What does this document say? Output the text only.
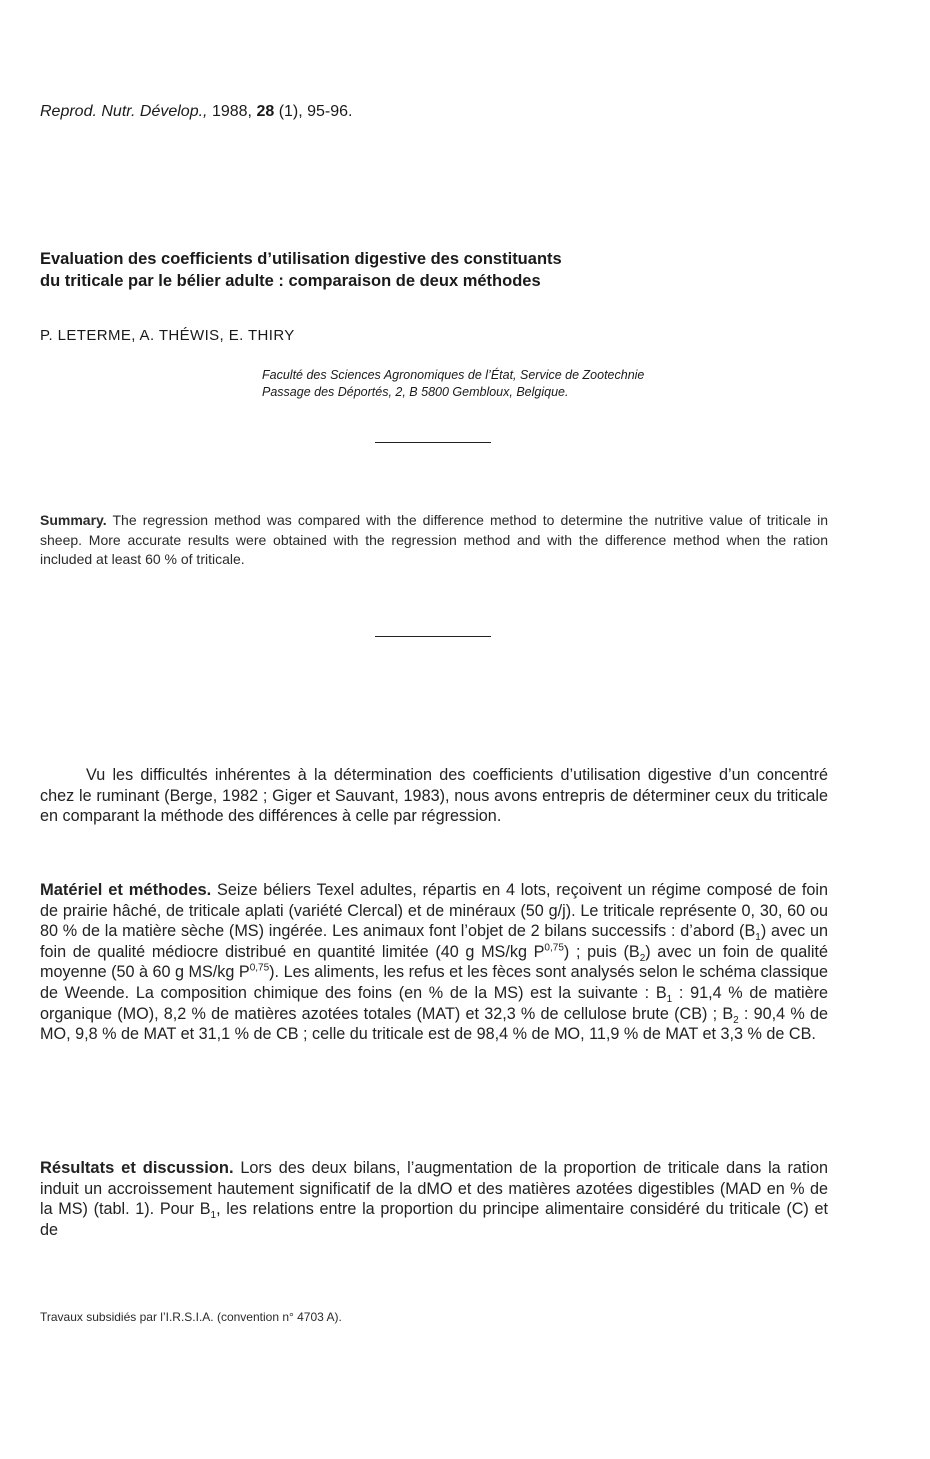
Reprod. Nutr. Dévelop., 1988, 28 (1), 95-96.
Evaluation des coefficients d’utilisation digestive des constituants
du triticale par le bélier adulte : comparaison de deux méthodes
P. LETERME, A. THÉWIS, E. THIRY
Faculté des Sciences Agronomiques de l’État, Service de Zootechnie
Passage des Déportés, 2, B 5800 Gembloux, Belgique.
Summary. The regression method was compared with the difference method to determine the nutritive value of triticale in sheep. More accurate results were obtained with the regression method and with the difference method when the ration included at least 60 % of triticale.
Vu les difficultés inhérentes à la détermination des coefficients d’utilisation digestive d’un concentré chez le ruminant (Berge, 1982 ; Giger et Sauvant, 1983), nous avons entrepris de déterminer ceux du triticale en comparant la méthode des différences à celle par régression.
Matériel et méthodes. Seize béliers Texel adultes, répartis en 4 lots, reçoivent un régime composé de foin de prairie hâché, de triticale aplati (variété Clercal) et de minéraux (50 g/j). Le triticale représente 0, 30, 60 ou 80 % de la matière sèche (MS) ingérée. Les animaux font l’objet de 2 bilans successifs : d’abord $(B_1)$ avec un foin de qualité médiocre distribué en quantité limitée (40 g MS/kg P$^{0,75}$) ; puis $(B_2)$ avec un foin de qualité moyenne (50 à 60 g MS/kg P$^{0,75}$). Les aliments, les refus et les fèces sont analysés selon le schéma classique de Weende. La composition chimique des foins (en % de la MS) est la suivante : $B_1$ : 91,4 % de matière organique (MO), 8,2 % de matières azotées totales (MAT) et 32,3 % de cellulose brute (CB) ; $B_2$ : 90,4 % de MO, 9,8 % de MAT et 31,1 % de CB ; celle du triticale est de 98,4 % de MO, 11,9 % de MAT et 3,3 % de CB.
Résultats et discussion. Lors des deux bilans, l’augmentation de la proportion de triticale dans la ration induit un accroissement hautement significatif de la dMO et des matières azotées digestibles (MAD en % de la MS) (tabl. 1). Pour $B_1$, les relations entre la proportion du principe alimentaire considéré du triticale (C) et de
Travaux subsidiés par l’I.R.S.I.A. (convention n° 4703 A).
